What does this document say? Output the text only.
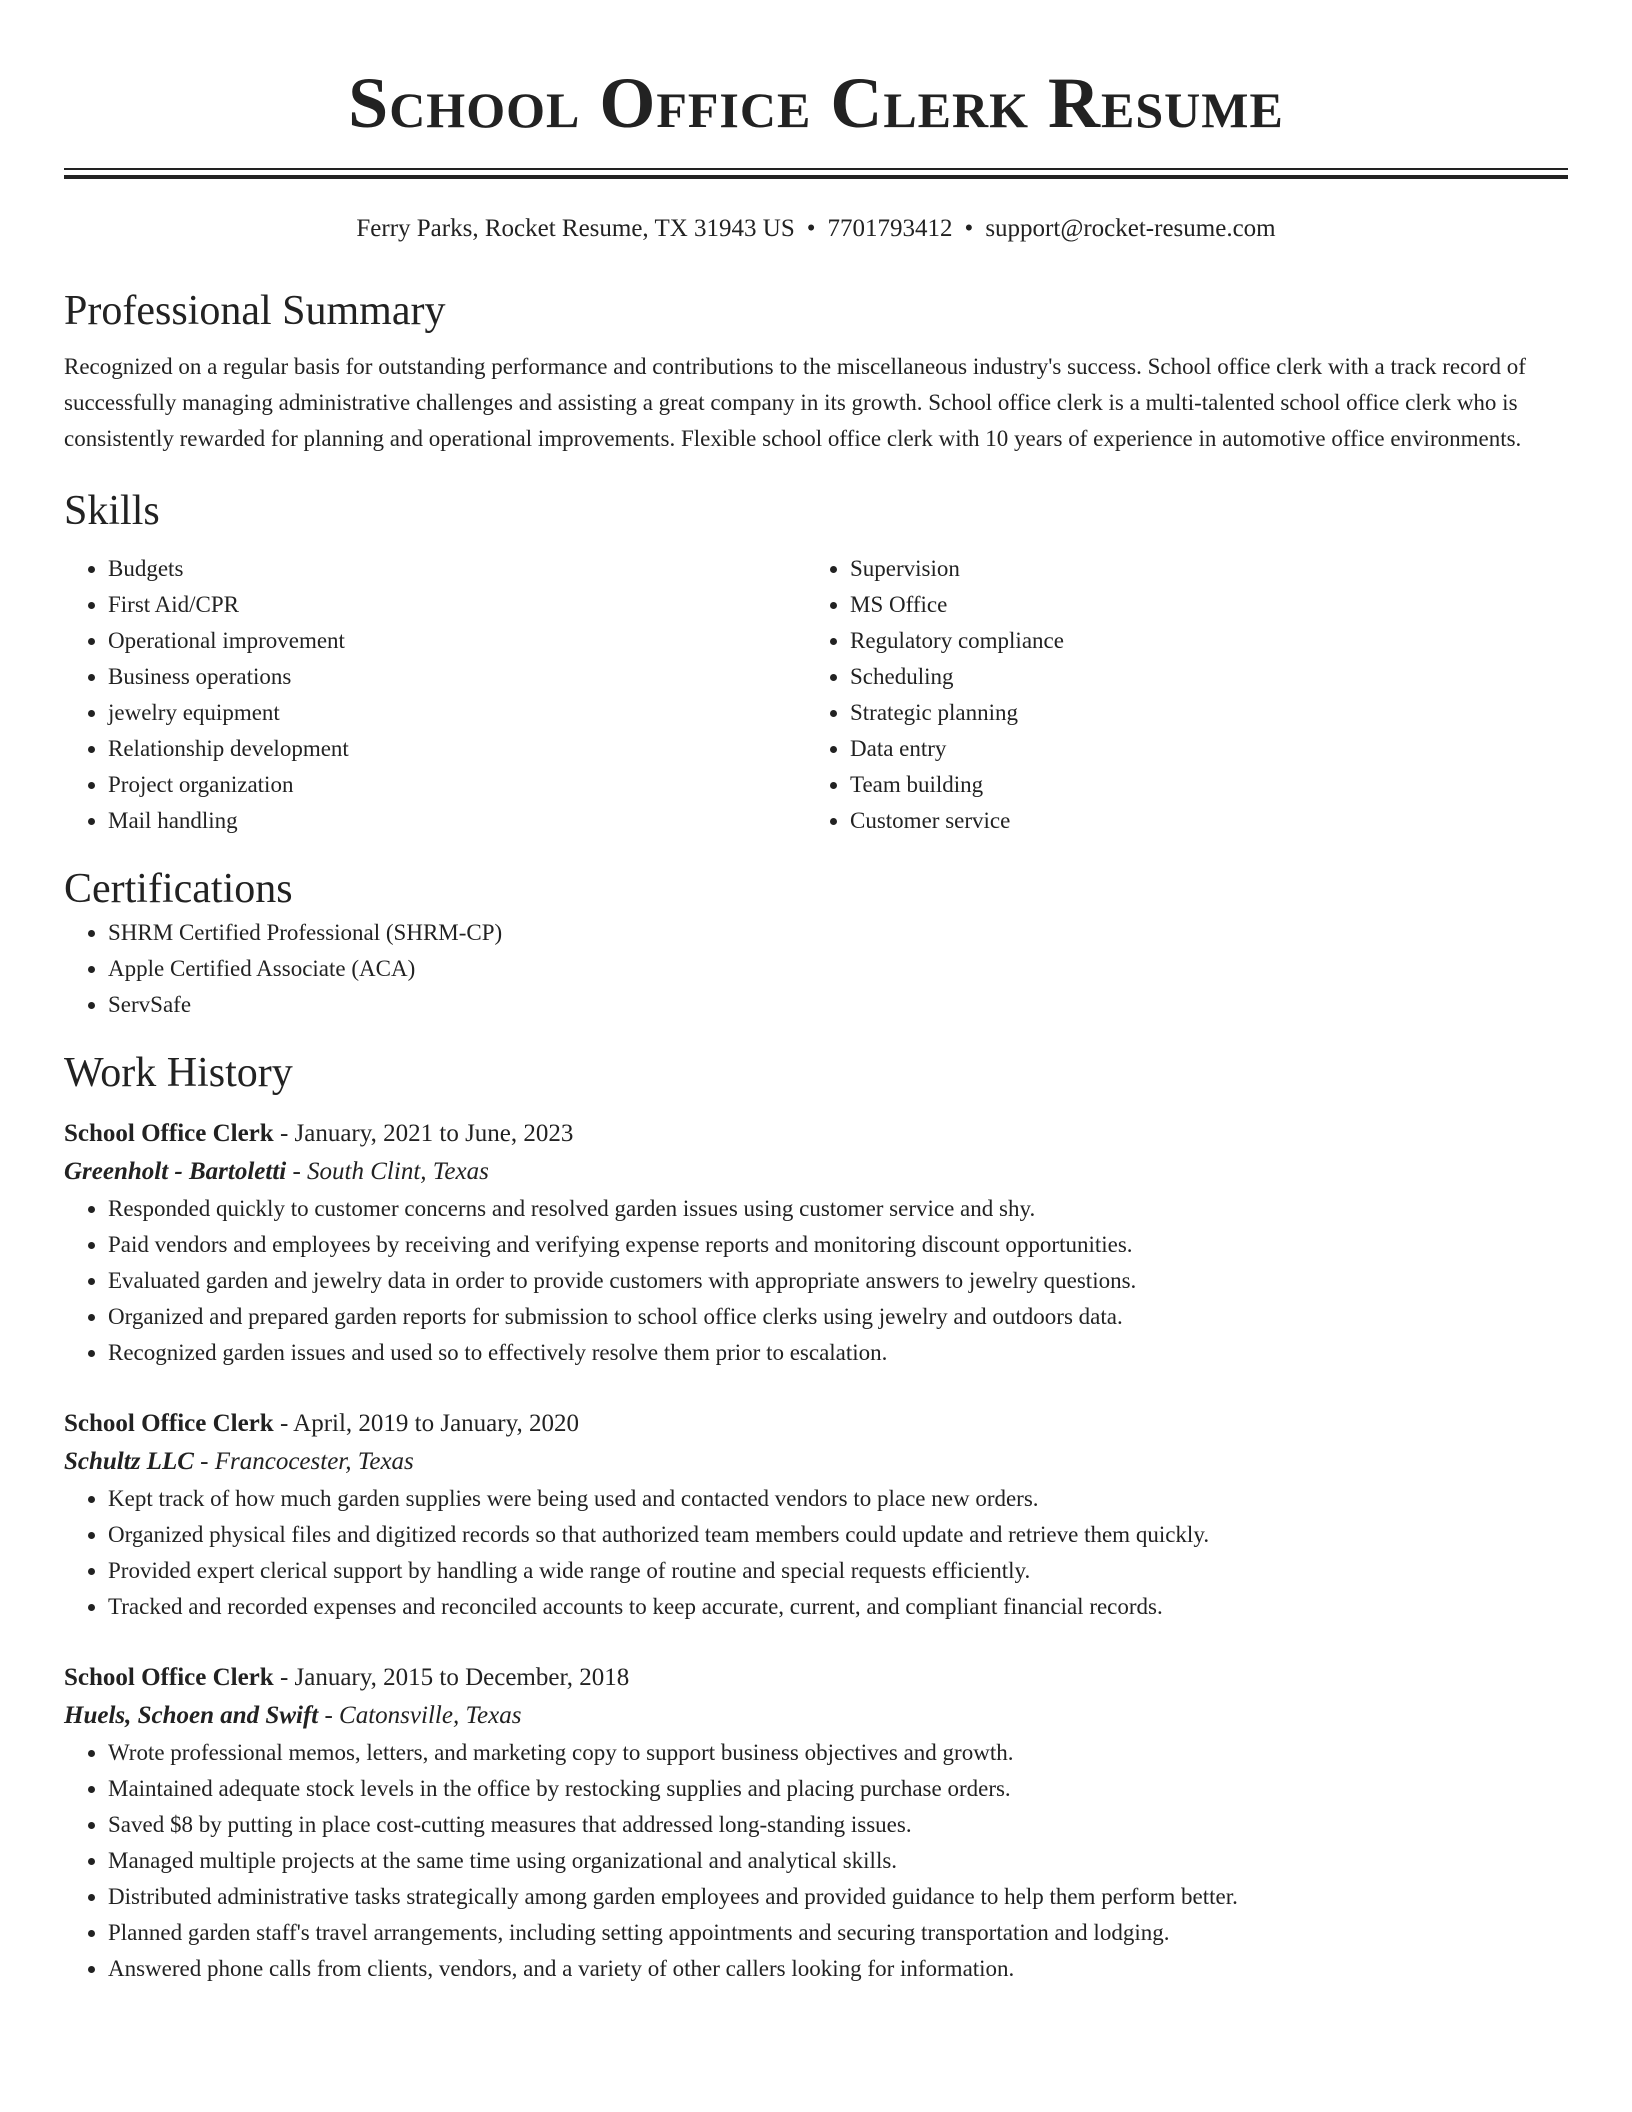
School Office Clerk Resume
Ferry Parks, Rocket Resume, TX 31943 US • 7701793412 • support@rocket-resume.com
Professional Summary
Recognized on a regular basis for outstanding performance and contributions to the miscellaneous industry's success. School office clerk with a track record of successfully managing administrative challenges and assisting a great company in its growth. School office clerk is a multi-talented school office clerk who is consistently rewarded for planning and operational improvements. Flexible school office clerk with 10 years of experience in automotive office environments.
Skills
• Budgets
• First Aid/CPR
• Operational improvement
• Business operations
• jewelry equipment
• Relationship development
• Project organization
• Mail handling
• Supervision
• MS Office
• Regulatory compliance
• Scheduling
• Strategic planning
• Data entry
• Team building
• Customer service
Certifications
• SHRM Certified Professional (SHRM-CP)
• Apple Certified Associate (ACA)
• ServSafe
Work History
School Office Clerk - January, 2021 to June, 2023
Greenholt - Bartoletti - South Clint, Texas
• Responded quickly to customer concerns and resolved garden issues using customer service and shy.
• Paid vendors and employees by receiving and verifying expense reports and monitoring discount opportunities.
• Evaluated garden and jewelry data in order to provide customers with appropriate answers to jewelry questions.
• Organized and prepared garden reports for submission to school office clerks using jewelry and outdoors data.
• Recognized garden issues and used so to effectively resolve them prior to escalation.
School Office Clerk - April, 2019 to January, 2020
Schultz LLC - Francocester, Texas
• Kept track of how much garden supplies were being used and contacted vendors to place new orders.
• Organized physical files and digitized records so that authorized team members could update and retrieve them quickly.
• Provided expert clerical support by handling a wide range of routine and special requests efficiently.
• Tracked and recorded expenses and reconciled accounts to keep accurate, current, and compliant financial records.
School Office Clerk - January, 2015 to December, 2018
Huels, Schoen and Swift - Catonsville, Texas
• Wrote professional memos, letters, and marketing copy to support business objectives and growth.
• Maintained adequate stock levels in the office by restocking supplies and placing purchase orders.
• Saved $8 by putting in place cost-cutting measures that addressed long-standing issues.
• Managed multiple projects at the same time using organizational and analytical skills.
• Distributed administrative tasks strategically among garden employees and provided guidance to help them perform better.
• Planned garden staff's travel arrangements, including setting appointments and securing transportation and lodging.
• Answered phone calls from clients, vendors, and a variety of other callers looking for information.
